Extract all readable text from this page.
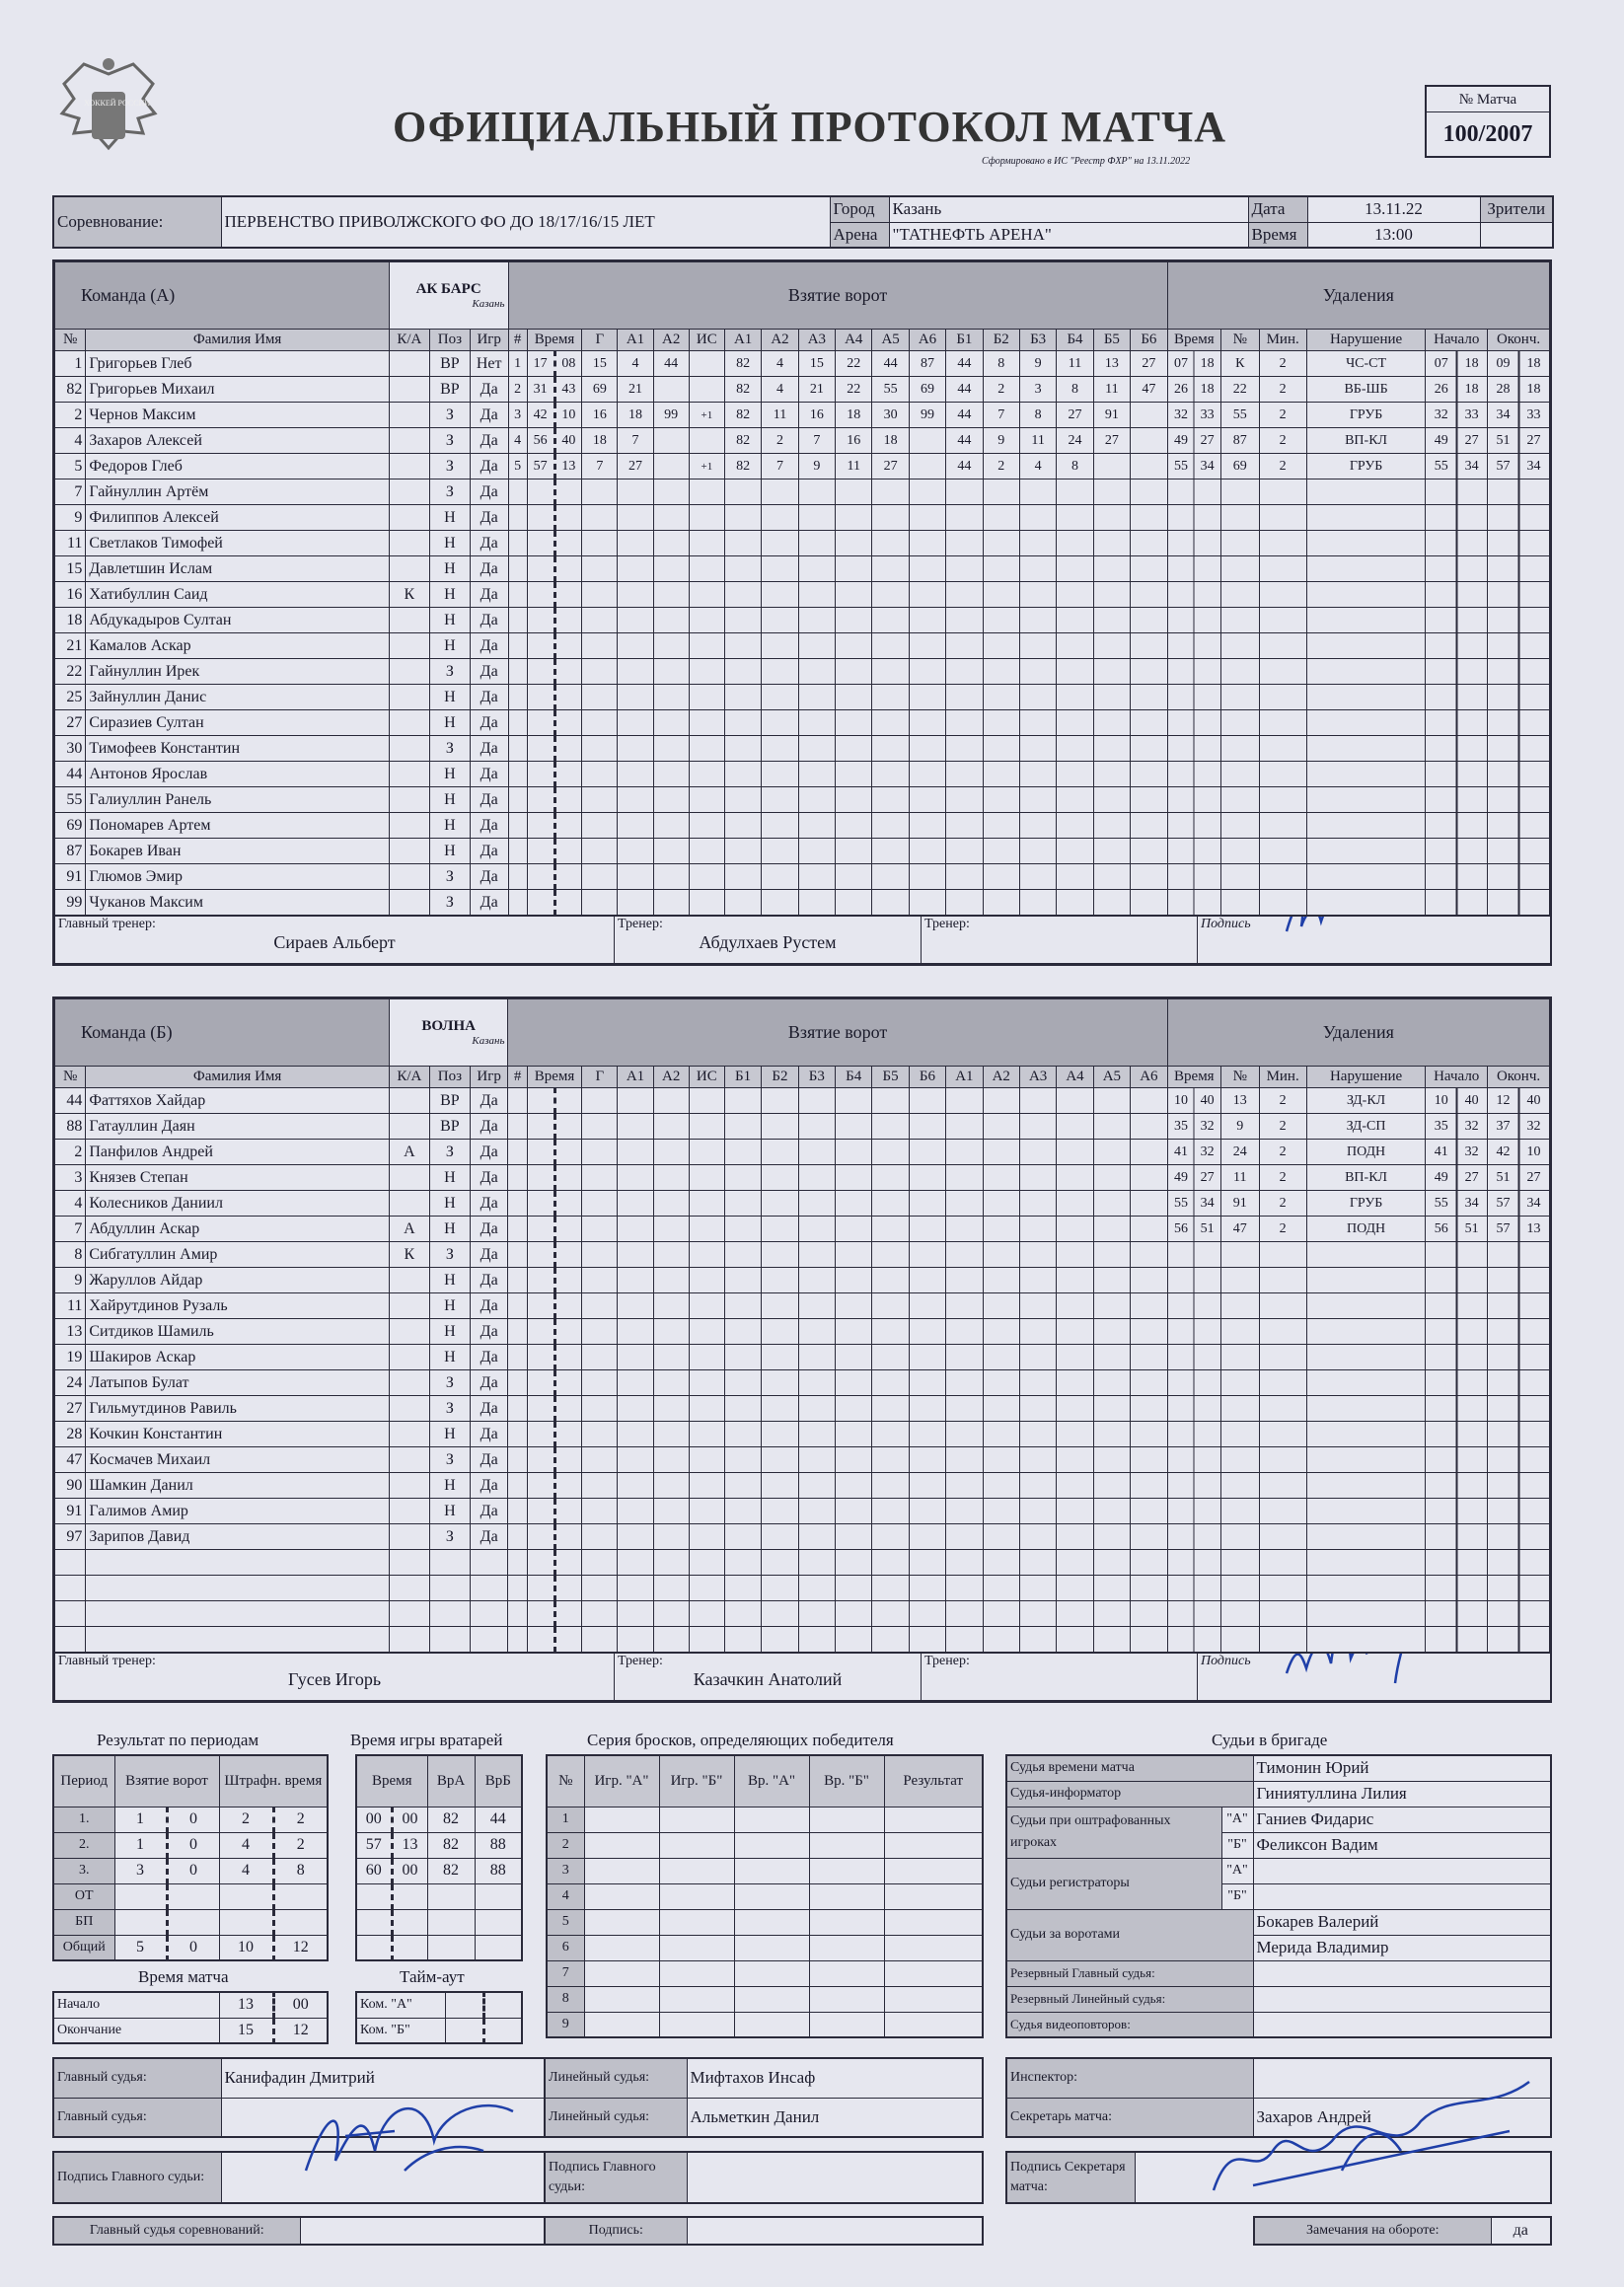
ХОККЕЙ РОССИИ	ОФИЦИАЛЬНЫЙ ПРОТОКОЛ МАТЧА
Сформировано в ИС "Реестр ФХР" на 13.11.2022
№ Матча
100/2007
Соревнование:	ПЕРВЕНСТВО ПРИВОЛЖСКОГО ФО ДО 18/17/16/15 ЛЕТ	Город	Казань	Дата	13.11.22	Зрители
		Арена	"ТАТНЕФТЬ АРЕНА"	Время	13:00	
Команда (А)		АК БАРС
Казань			Взятие ворот																			Удаления					
№	Фамилия Имя	К/А	Поз	Игр	#	Время		Г	А1	А2	ИС	А1	А2	А3	А4	А5	А6	Б1	Б2	Б3	Б4	Б5	Б6	Время	№	Мин.	Нарушение	Начало	Оконч.
1	Григорьев Глеб		ВР	Нет	1	17	08	15	4	44		82	4	15	22	44	87	44	8	9	11	13	27	07 18	К	2	ЧС-СТ	07 18	09 18
82	Григорьев Михаил		ВР	Да	2	31	43	69	21			82	4	21	22	55	69	44	2	3	8	11	47	26 18	22	2	ВБ-ШБ	26 18	28 18
2	Чернов Максим		З	Да	3	42	10	16	18	99	+1	82	11	16	18	30	99	44	7	8	27	91		32 33	55	2	ГРУБ	32 33	34 33
4	Захаров Алексей		З	Да	4	56	40	18	7			82	2	7	16	18		44	9	11	24	27		49 27	87	2	ВП-КЛ	49 27	51 27
5	Федоров Глеб		З	Да	5	57	13	7	27		+1	82	7	9	11	27		44	2	4	8			55 34	69	2	ГРУБ	55 34	57 34
7	Гайнуллин Артём		З	Да																									
9	Филиппов Алексей		Н	Да																									
11	Светлаков Тимофей		Н	Да																									
15	Давлетшин Ислам		Н	Да																									
16	Хатибуллин Саид	К	Н	Да																									
18	Абдукадыров Султан		Н	Да																									
21	Камалов Аскар		Н	Да																									
22	Гайнуллин Ирек		З	Да																									
25	Зайнуллин Данис		Н	Да																									
27	Сиразиев Султан		Н	Да																									
30	Тимофеев Константин		З	Да																									
44	Антонов Ярослав		Н	Да																									
55	Галиуллин Ранель		Н	Да																									
69	Пономарев Артем		Н	Да																									
87	Бокарев Иван		Н	Да																									
91	Глюмов Эмир		З	Да																									
99	Чуканов Максим		З	Да																									
Главный тренер:
Сираев Альберт

Тренер:
Абдулхаев Рустем

Тренер:	Подпись
Команда (Б)		ВОЛНА
Казань			Взятие ворот																			Удаления					
№	Фамилия Имя	К/А	Поз	Игр	#	Время		Г	А1	А2	ИС	Б1	Б2	Б3	Б4	Б5	Б6	А1	А2	А3	А4	А5	А6	Время	№	Мин.	Нарушение	Начало	Оконч.
44	Фаттяхов Хайдар		ВР	Да																				10 40	13	2	ЗД-КЛ	10 40	12 40
88	Гатауллин Даян		ВР	Да																				35 32	9	2	ЗД-СП	35 32	37 32
2	Панфилов Андрей	А	З	Да																				41 32	24	2	ПОДН	41 32	42 10
3	Князев Степан		Н	Да																				49 27	11	2	ВП-КЛ	49 27	51 27
4	Колесников Даниил		Н	Да																				55 34	91	2	ГРУБ	55 34	57 34
7	Абдуллин Аскар	А	Н	Да																				56 51	47	2	ПОДН	56 51	57 13
8	Сибгатуллин Амир	К	З	Да																									
9	Жаруллов Айдар		Н	Да																									
11	Хайрутдинов Рузаль		Н	Да																									
13	Ситдиков Шамиль		Н	Да																									
19	Шакиров Аскар		Н	Да																									
24	Латыпов Булат		З	Да																									
27	Гильмутдинов Равиль		З	Да																									
28	Кочкин Константин		Н	Да																									
47	Космачев Михаил		З	Да																									
90	Шамкин Данил		Н	Да																									
91	Галимов Амир		Н	Да																									
97	Зарипов Давид		З	Да																									

Главный тренер:
Гусев Игорь

Тренер:
Казачкин Анатолий

Тренер:	Подпись
Результат по периодам
Период	Взятие ворот		Штрафн. время	
1.	1	0	2	2
2.	1	0	4	2
3.	3	0	4	8
ОТ				
БП				
Общий	5	0	10	12
Время игры вратарей
Время		ВрА	ВрБ
00	00	82	44
57	13	82	88
60	00	82	88

Время матча
Начало	13	00
Окончание	15	12
Тайм-аут
Ком. "А"		
Ком. "Б"		
Серия бросков, определяющих победителя
№	Игр. "А"	Игр. "Б"	Вр. "А"	Вр. "Б"	Результат
1					
2					
3					
4					
5					
6					
7					
8					
9					
Судьи в бригаде
Судья времени матча		Тимонин Юрий
Судья-информатор		Гиниятуллина Лилия
Судьи при оштрафованных игроках	"А"	Ганиев Фидарис
	"Б"	Феликсон Вадим
Судьи регистраторы	"А"	
	"Б"	
Судьи за воротами		Бокарев Валерий
		Мерида Владимир
Резервный Главный судья:		
Резервный Линейный судья:		
Судья видеоповторов:		
Главный судья:	Канифадин Дмитрий
Главный судья:	
Линейный судья:	Мифтахов Инсаф
Линейный судья:	Альметкин Данил
Инспектор:	
Секретарь матча:	Захаров Андрей
Подпись Главного судьи:	
Подпись Главного судьи:	
Подпись Секретаря матча:	
Главный судья соревнований:		Подпись:		Замечания на обороте:	да
